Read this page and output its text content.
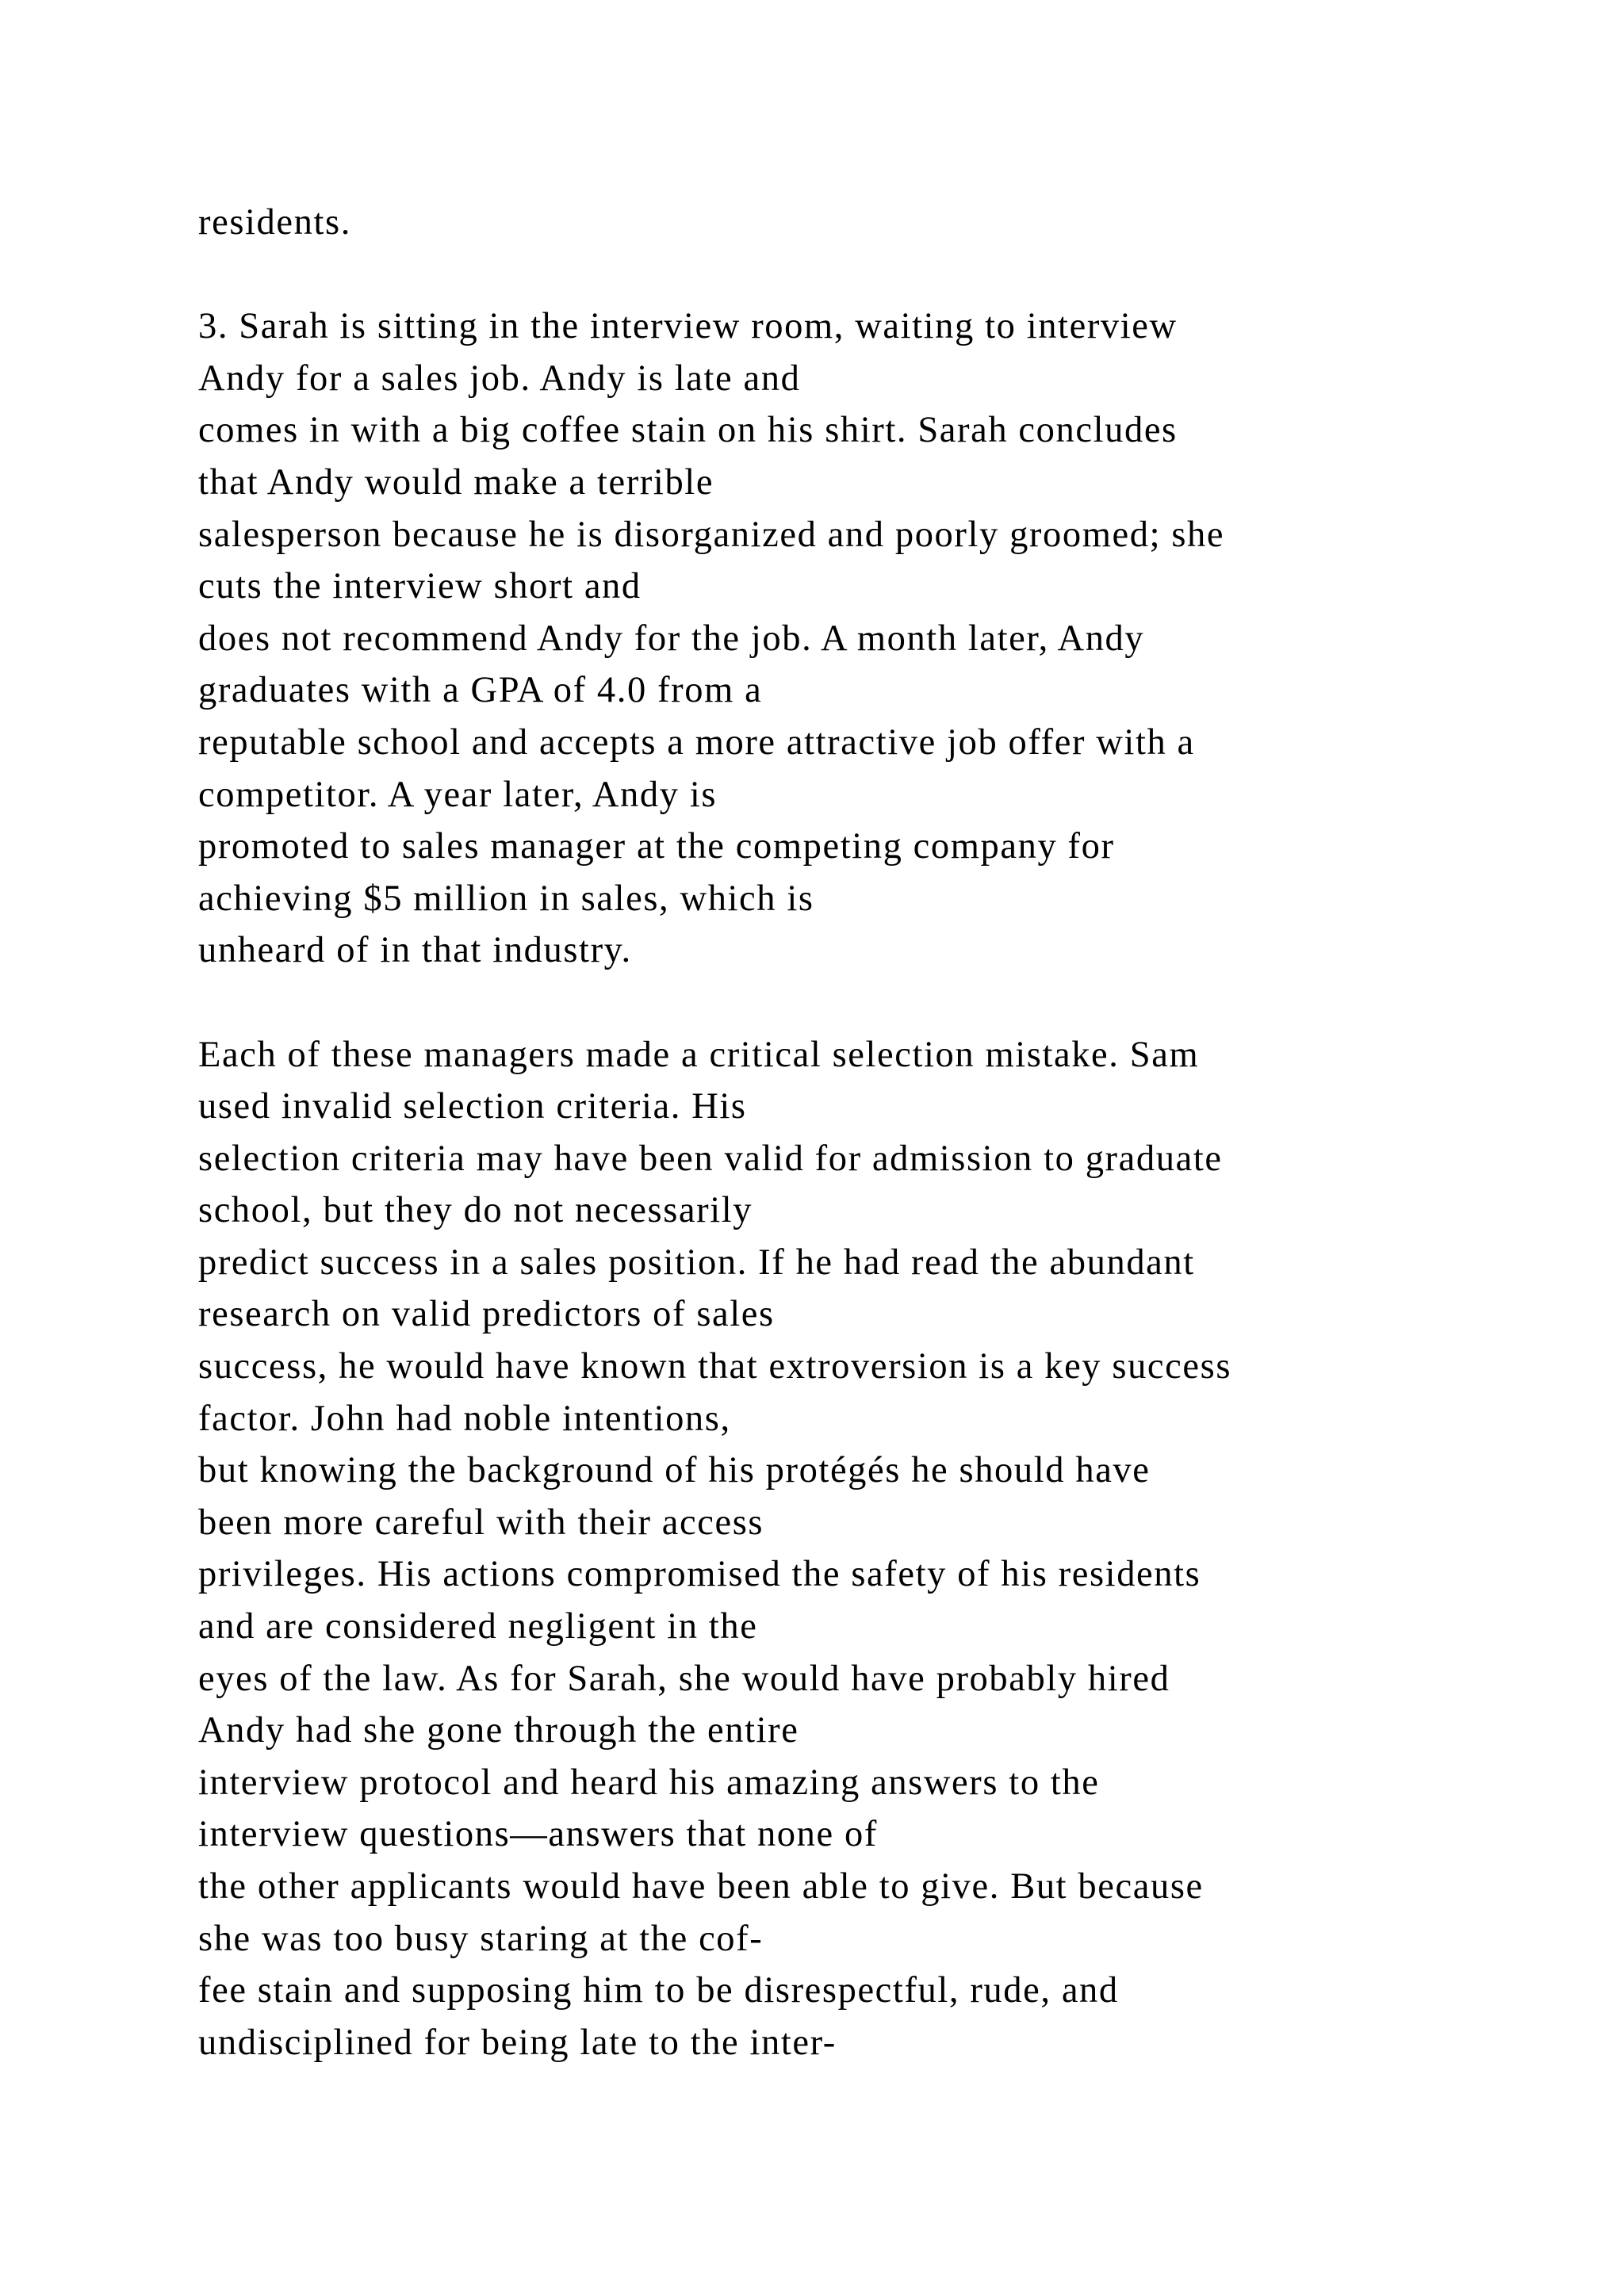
residents.
3. Sarah is sitting in the interview room, waiting to interview
Andy for a sales job. Andy is late and
comes in with a big coffee stain on his shirt. Sarah concludes
that Andy would make a terrible
salesperson because he is disorganized and poorly groomed; she
cuts the interview short and
does not recommend Andy for the job. A month later, Andy
graduates with a GPA of 4.0 from a
reputable school and accepts a more attractive job offer with a
competitor. A year later, Andy is
promoted to sales manager at the competing company for
achieving $5 million in sales, which is
unheard of in that industry.
Each of these managers made a critical selection mistake. Sam
used invalid selection criteria. His
selection criteria may have been valid for admission to graduate
school, but they do not necessarily
predict success in a sales position. If he had read the abundant
research on valid predictors of sales
success, he would have known that extroversion is a key success
factor. John had noble intentions,
but knowing the background of his protégés he should have
been more careful with their access
privileges. His actions compromised the safety of his residents
and are considered negligent in the
eyes of the law. As for Sarah, she would have probably hired
Andy had she gone through the entire
interview protocol and heard his amazing answers to the
interview questions—answers that none of
the other applicants would have been able to give. But because
she was too busy staring at the cof-
fee stain and supposing him to be disrespectful, rude, and
undisciplined for being late to the inter-
